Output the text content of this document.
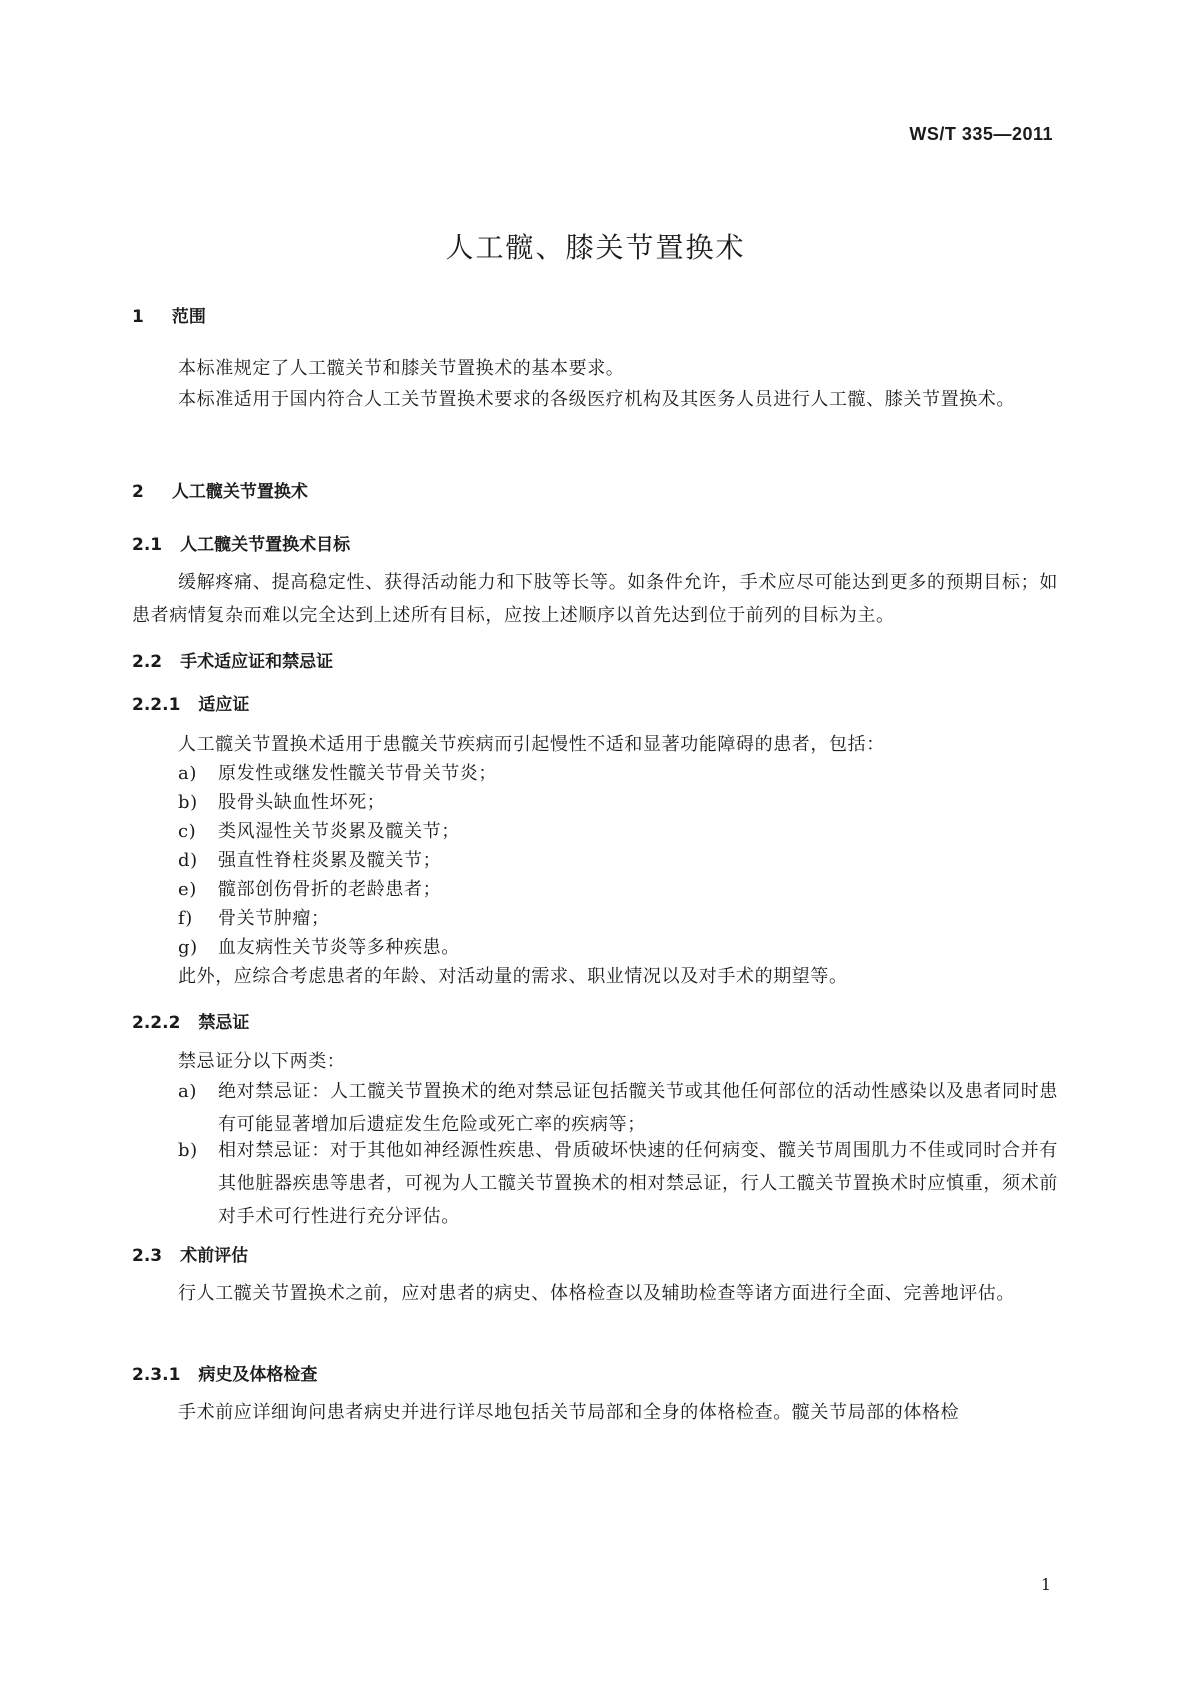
WS/T 335—2011
人工髋、膝关节置换术
1 范围
本标准规定了人工髋关节和膝关节置换术的基本要求。
本标准适用于国内符合人工关节置换术要求的各级医疗机构及其医务人员进行人工髋、膝关节置换术。
2 人工髋关节置换术
2.1 人工髋关节置换术目标
缓解疼痛、提高稳定性、获得活动能力和下肢等长等。如条件允许，手术应尽可能达到更多的预期目标；如患者病情复杂而难以完全达到上述所有目标，应按上述顺序以首先达到位于前列的目标为主。
2.2 手术适应证和禁忌证
2.2.1 适应证
人工髋关节置换术适用于患髋关节疾病而引起慢性不适和显著功能障碍的患者，包括：
a)	原发性或继发性髋关节骨关节炎；
b)	股骨头缺血性坏死；
c)	类风湿性关节炎累及髋关节；
d)	强直性脊柱炎累及髋关节；
e)	髋部创伤骨折的老龄患者；
f)	骨关节肿瘤；
g)	血友病性关节炎等多种疾患。
此外，应综合考虑患者的年龄、对活动量的需求、职业情况以及对手术的期望等。
2.2.2 禁忌证
禁忌证分以下两类：
a)	绝对禁忌证：人工髋关节置换术的绝对禁忌证包括髋关节或其他任何部位的活动性感染以及患者同时患有可能显著增加后遗症发生危险或死亡率的疾病等；
b)	相对禁忌证：对于其他如神经源性疾患、骨质破坏快速的任何病变、髋关节周围肌力不佳或同时合并有其他脏器疾患等患者，可视为人工髋关节置换术的相对禁忌证，行人工髋关节置换术时应慎重，须术前对手术可行性进行充分评估。
2.3 术前评估
行人工髋关节置换术之前，应对患者的病史、体格检查以及辅助检查等诸方面进行全面、完善地评估。
2.3.1 病史及体格检查
手术前应详细询问患者病史并进行详尽地包括关节局部和全身的体格检查。髋关节局部的体格检
1
